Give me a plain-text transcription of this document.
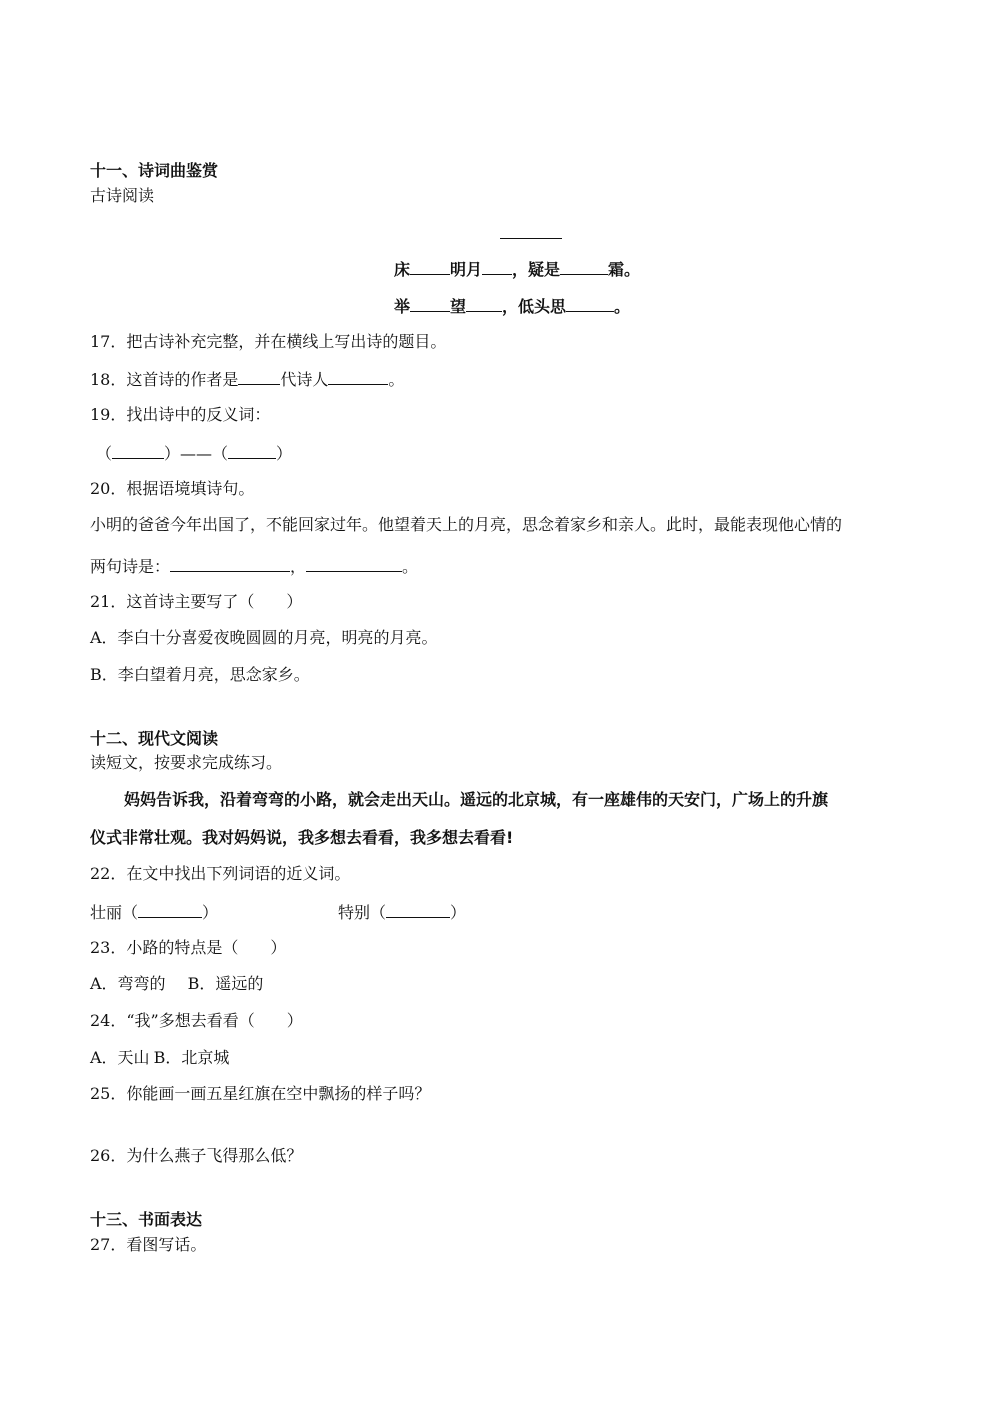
十一、诗词曲鉴赏
古诗阅读
床	明月 ，疑是	霜。
举	望 ，低头思	。
17．把古诗补充完整，并在横线上写出诗的题目。
18．这首诗的作者是	代诗人	。
19．找出诗中的反义词：
（	）——（	）
20．根据语境填诗句。
小明的爸爸今年出国了，不能回家过年。他望着天上的月亮，思念着家乡和亲人。此时，最能表现他心情的
两句诗是：	，	。
21．这首诗主要写了（　　）
A．李白十分喜爱夜晚圆圆的月亮，明亮的月亮。
B．李白望着月亮，思念家乡。
十二、现代文阅读
读短文，按要求完成练习。
妈妈告诉我，沿着弯弯的小路，就会走出天山。遥远的北京城，有一座雄伟的天安门，广场上的升旗
仪式非常壮观。我对妈妈说，我多想去看看，我多想去看看!
22．在文中找出下列词语的近义词。
壮丽（	）	特别（	）
23．小路的特点是（　　）
A．弯弯的 B．遥远的
24．“我”多想去看看（　　）
A．天山 B．北京城
25．你能画一画五星红旗在空中飘扬的样子吗？
26．为什么燕子飞得那么低？
十三、书面表达
27．看图写话。
